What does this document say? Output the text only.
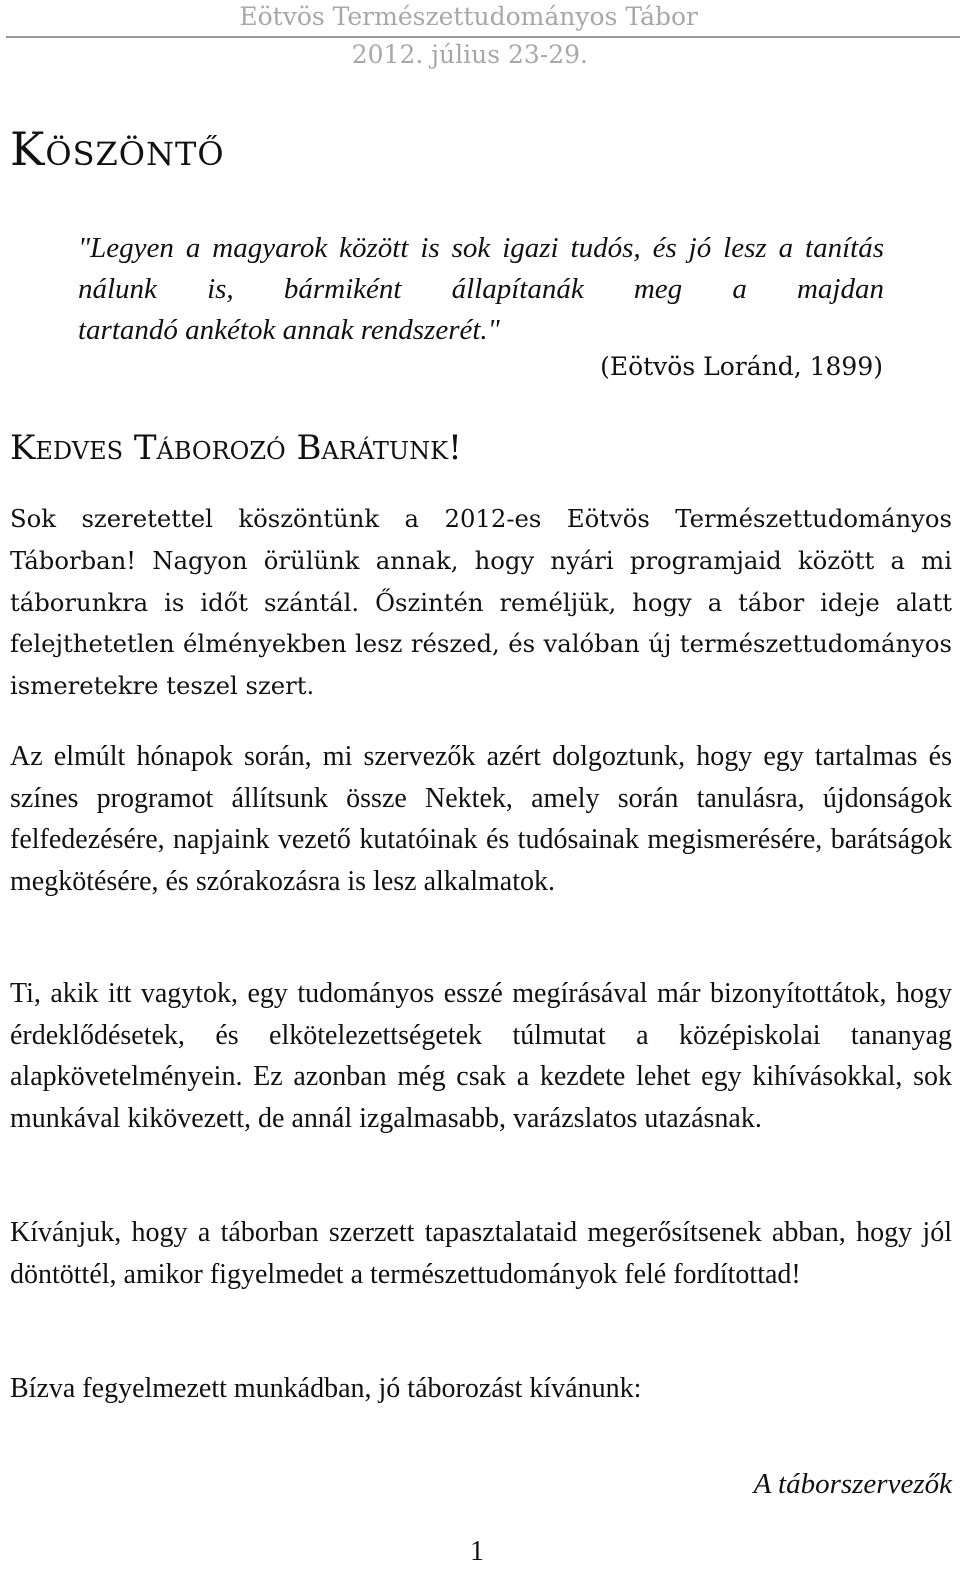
Eötvös Természettudományos Tábor
2012. július 23-29.
Köszöntő
"Legyen a magyarok között is sok igazi tudós, és jó lesz a tanítás nálunk is, bármiként állapítanák meg a majdan
tartandó ankétok annak rendszerét."
(Eötvös Loránd, 1899)
Kedves Táborozó Barátunk!

Sok szeretettel köszöntünk a 2012-es Eötvös Természettudományos Táborban! Nagyon örülünk annak, hogy nyári programjaid között a mi táborunkra is időt szántál. Őszintén reméljük, hogy a tábor ideje alatt felejthetetlen élményekben lesz részed, és valóban új természettudományos ismeretekre teszel szert.

Az elmúlt hónapok során, mi szervezők azért dolgoztunk, hogy egy tartalmas és színes programot állítsunk össze Nektek, amely során tanulásra, újdonságok felfedezésére, napjaink vezető kutatóinak és tudósainak megismerésére, barátságok megkötésére, és szórakozásra is lesz alkalmatok.

Ti, akik itt vagytok, egy tudományos esszé megírásával már bizonyítottátok, hogy érdeklődésetek, és elkötelezettségetek túlmutat a középiskolai tananyag alapkövetelményein. Ez azonban még csak a kezdete lehet egy kihívásokkal, sok munkával kikövezett, de annál izgalmasabb, varázslatos utazásnak.

Kívánjuk, hogy a táborban szerzett tapasztalataid megerősítsenek abban, hogy jól döntöttél, amikor figyelmedet a természettudományok felé fordítottad!

Bízva fegyelmezett munkádban, jó táborozást kívánunk:

A táborszervezők
1
